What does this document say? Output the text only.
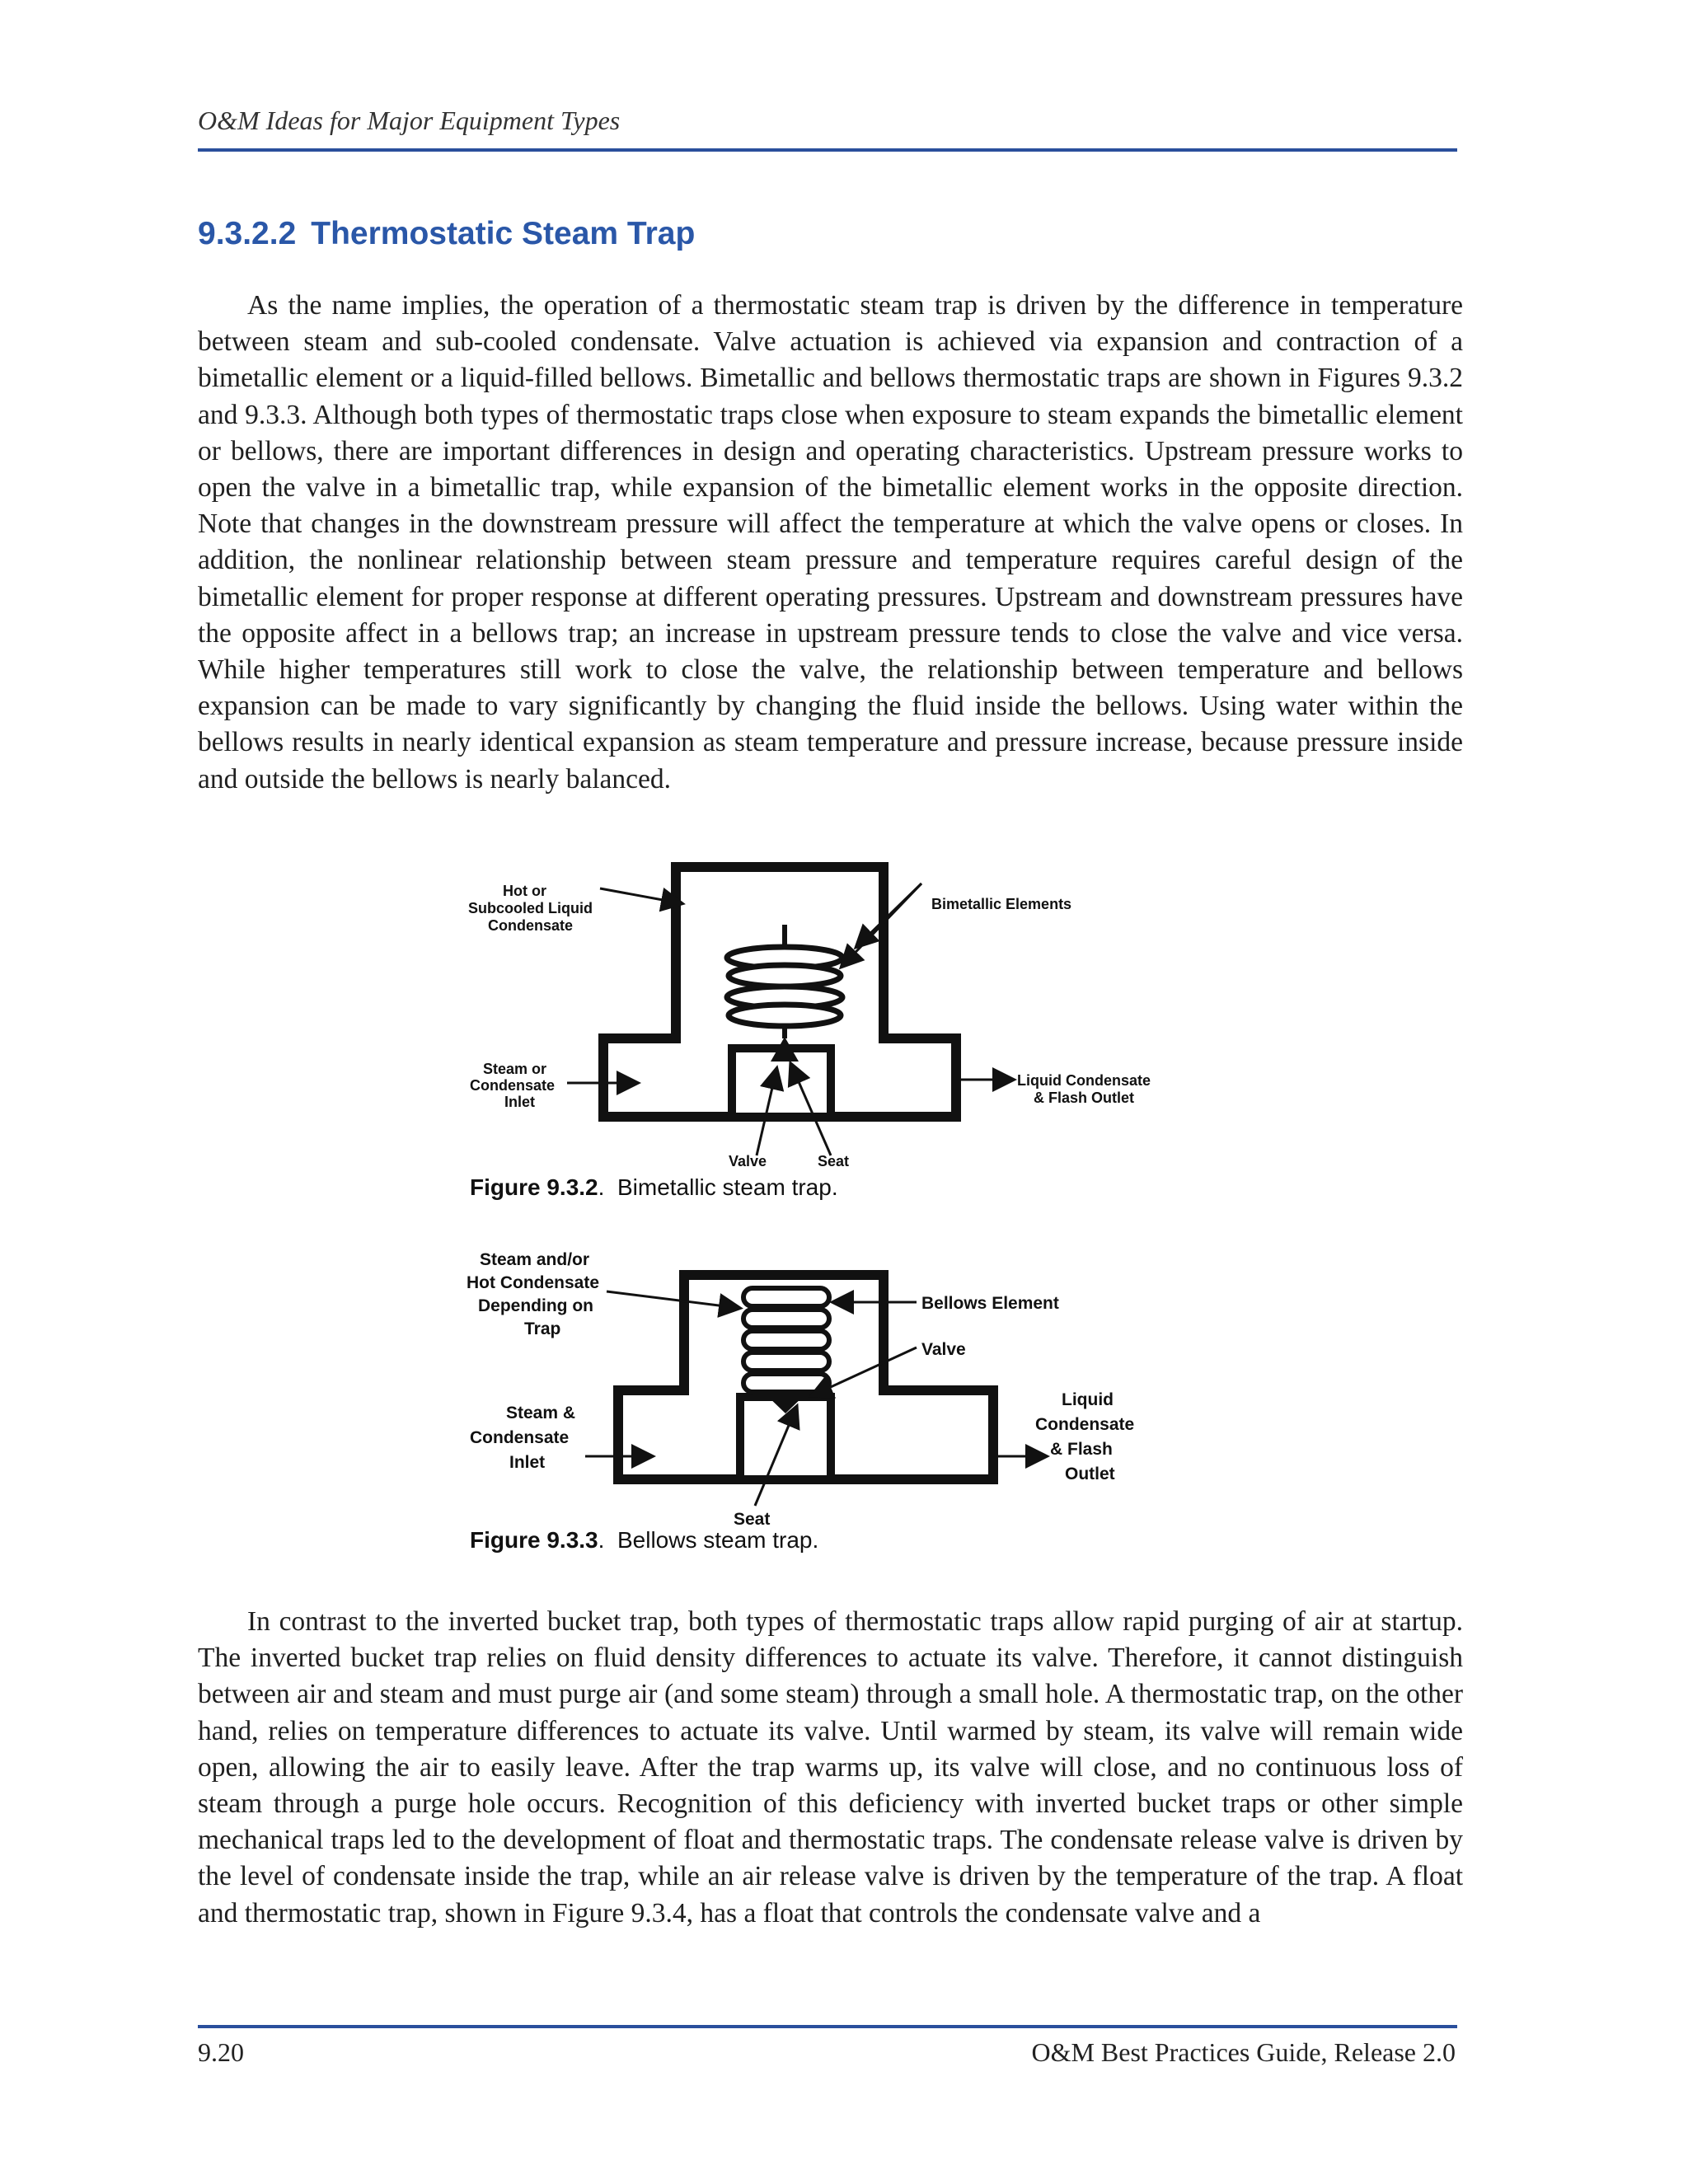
O&M Ideas for Major Equipment Types
9.3.2.2 Thermostatic Steam Trap

As the name implies, the operation of a thermostatic steam trap is driven by the difference in temperature between steam and sub-cooled condensate. Valve actuation is achieved via expansion and contraction of a bimetallic element or a liquid-filled bellows. Bimetallic and bellows thermostatic traps are shown in Figures 9.3.2 and 9.3.3. Although both types of thermostatic traps close when exposure to steam expands the bimetallic element or bellows, there are important differences in design and operating characteristics. Upstream pressure works to open the valve in a bimetallic trap, while expansion of the bimetallic element works in the opposite direction. Note that changes in the downstream pressure will affect the temperature at which the valve opens or closes. In addition, the nonlinear relationship between steam pressure and temperature requires careful design of the bimetallic element for proper response at different operating pressures. Upstream and downstream pressures have the opposite affect in a bellows trap; an increase in upstream pressure tends to close the valve and vice versa. While higher temperatures still work to close the valve, the relationship between temperature and bellows expansion can be made to vary significantly by changing the fluid inside the bellows. Using water within the bellows results in nearly identical expansion as steam temperature and pressure increase, because pressure inside and outside the bellows is nearly balanced.

Hot or
Subcooled Liquid
Condensate
Bimetallic Elements
Steam or
Condensate
Inlet
Liquid Condensate
& Flash Outlet
Valve	Seat
Figure 9.3.2.  Bimetallic steam trap.
Steam and/or
Hot Condensate
Depending on
Trap
Bellows Element
Valve
Steam &
Condensate
Inlet
Liquid
Condensate
& Flash
Outlet
Seat
Figure 9.3.3.  Bellows steam trap.

In contrast to the inverted bucket trap, both types of thermostatic traps allow rapid purging of air at startup. The inverted bucket trap relies on fluid density differences to actuate its valve. Therefore, it cannot distinguish between air and steam and must purge air (and some steam) through a small hole. A thermostatic trap, on the other hand, relies on temperature differences to actuate its valve. Until warmed by steam, its valve will remain wide open, allowing the air to easily leave. After the trap warms up, its valve will close, and no continuous loss of steam through a purge hole occurs. Recognition of this deficiency with inverted bucket traps or other simple mechanical traps led to the development of float and thermostatic traps. The condensate release valve is driven by the level of condensate inside the trap, while an air release valve is driven by the temperature of the trap. A float and thermostatic trap, shown in Figure 9.3.4, has a float that controls the condensate valve and a

9.20	O&M Best Practices Guide, Release 2.0
